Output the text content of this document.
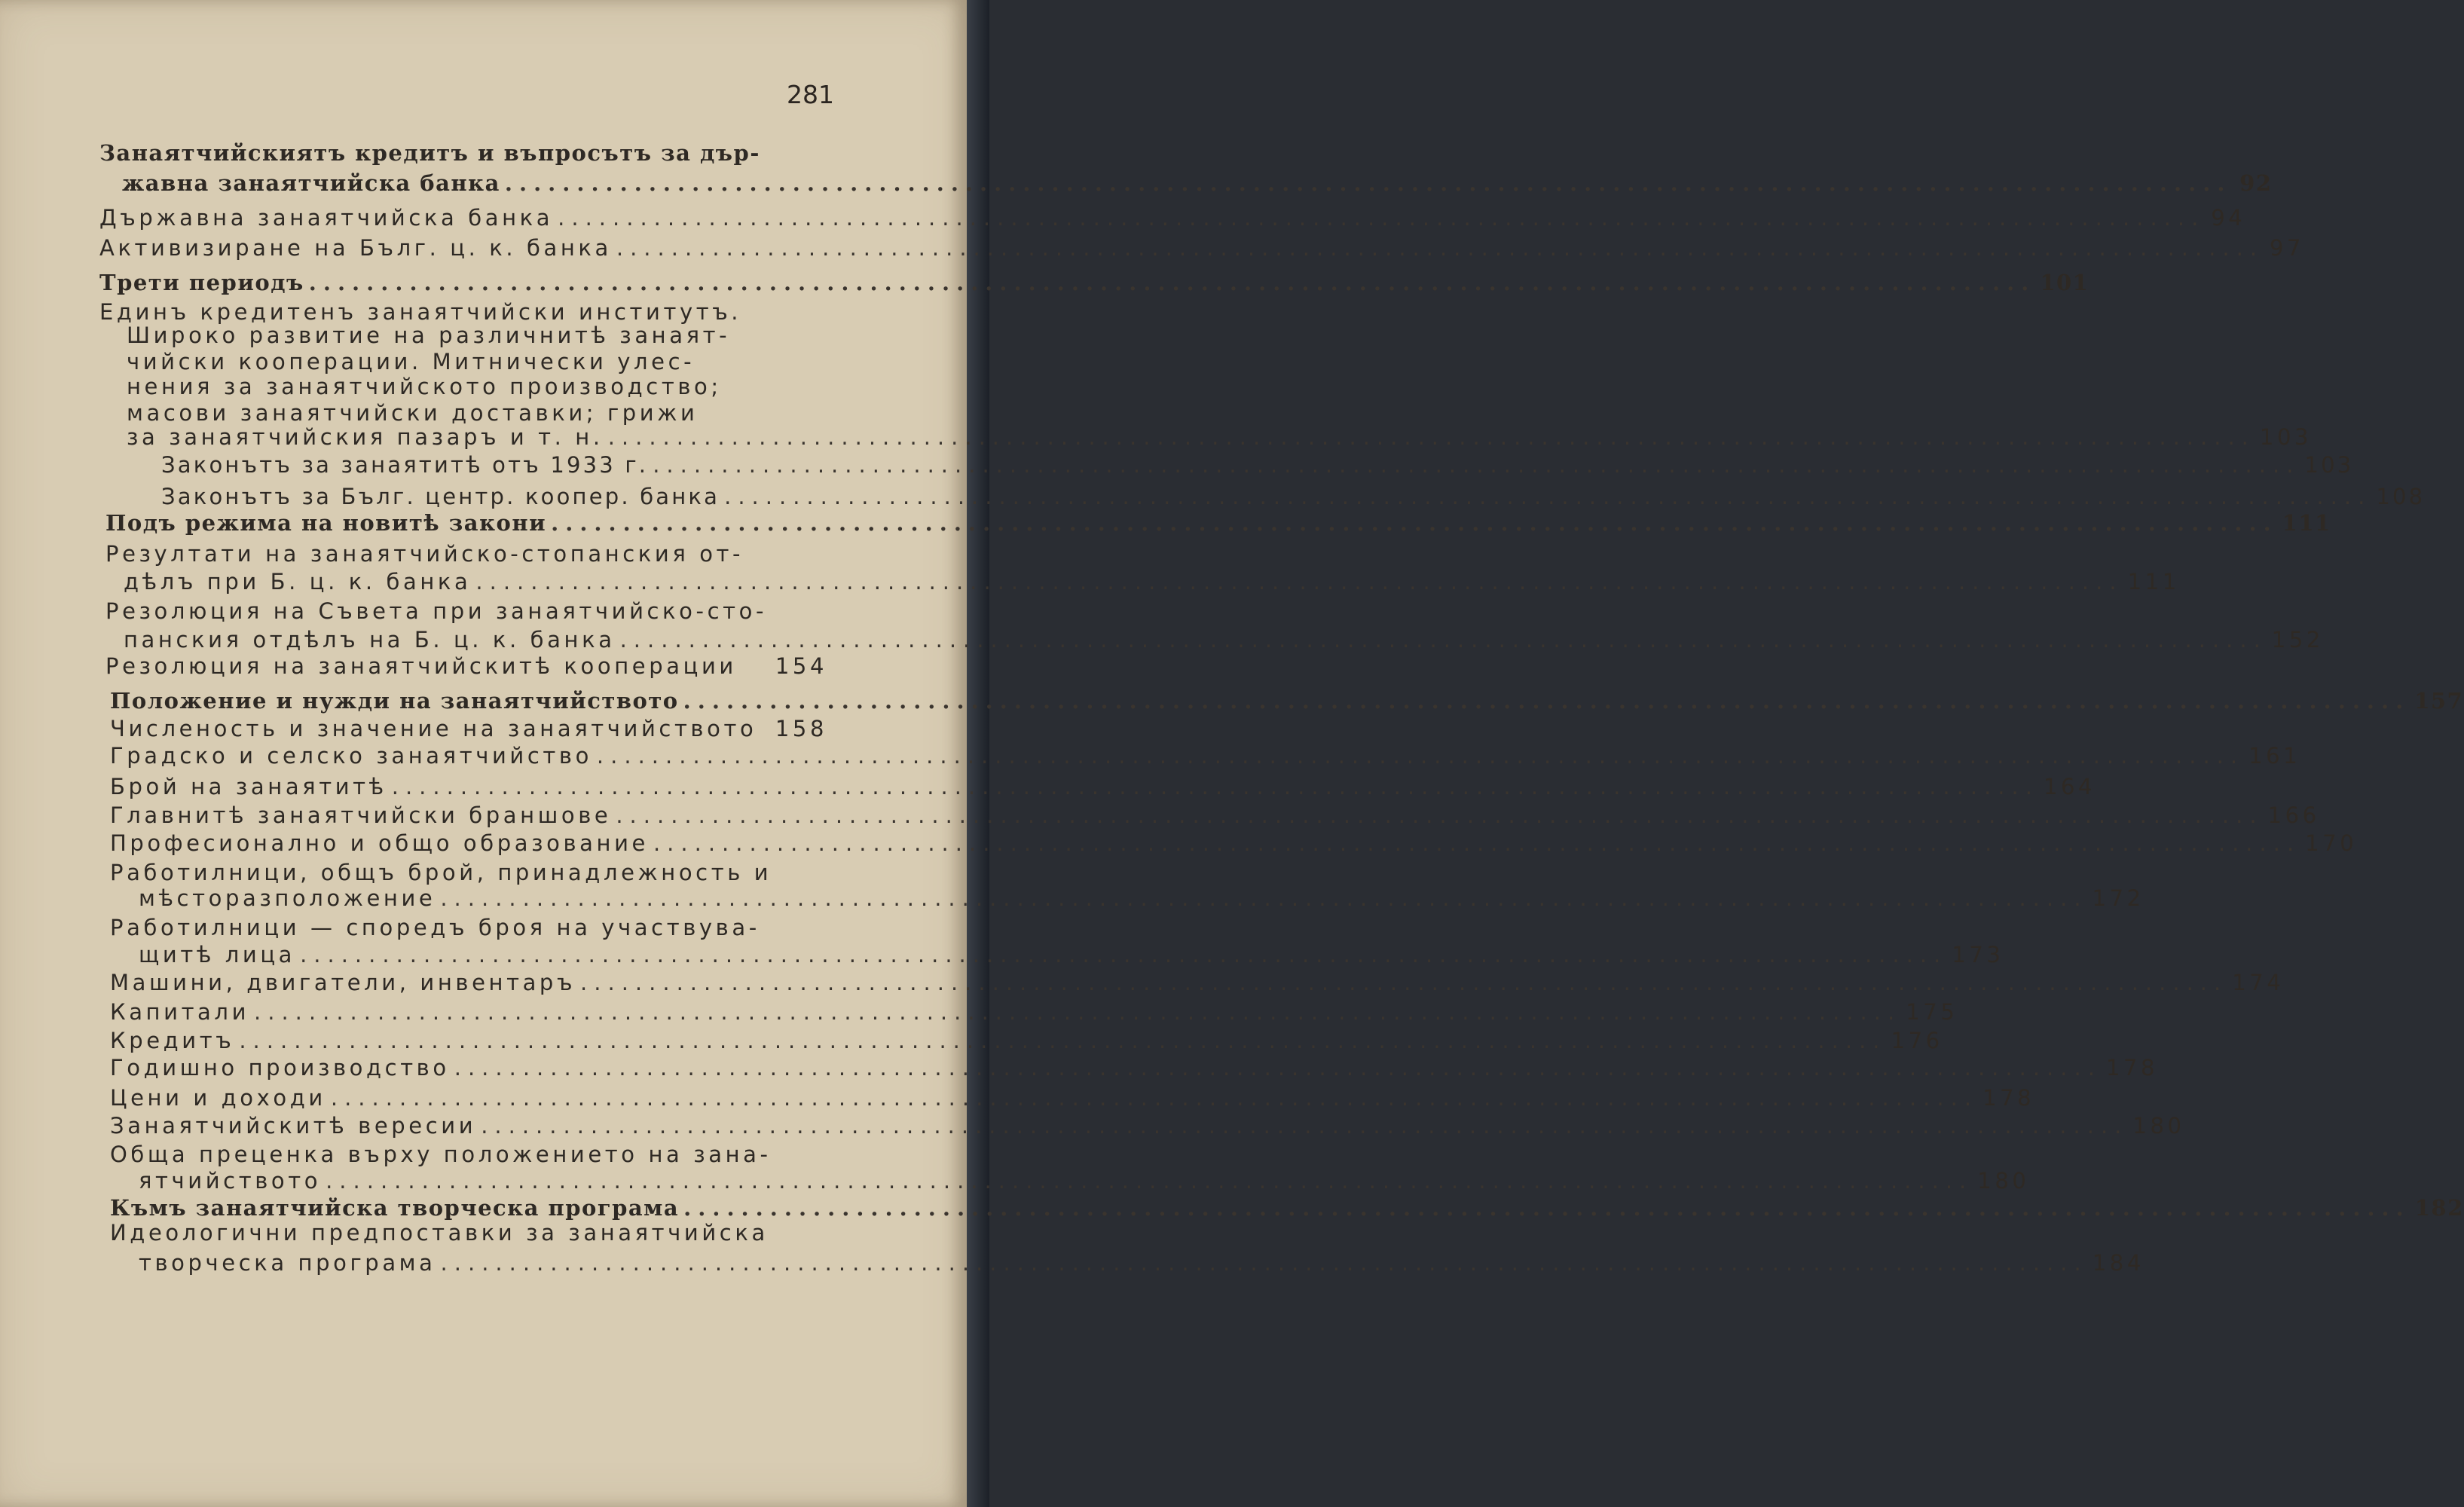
281
Занаятчийскиятъ кредитъ и въпросътъ за дър-
жавна занаятчийска банка ........................................................................................................................ 92
Държавна занаятчийска банка ........................................................................................................................ 94
Активизиране на Бълг. ц. к. банка ........................................................................................................................ 97
Трети периодъ ........................................................................................................................ 101
Единъ кредитенъ занаятчийски институтъ.
Широко развитие на различнитѣ занаят-
чийски кооперации. Митнически улес-
нения за занаятчийското производство;
масови занаятчийски доставки; грижи
за занаятчийския пазаръ и т. н. ........................................................................................................................ 103
Законътъ за занаятитѣ отъ 1933 г. ........................................................................................................................ 103
Законътъ за Бълг. центр. коопер. банка ........................................................................................................................ 108
Подъ режима на новитѣ закони ........................................................................................................................ 111
Резултати на занаятчийско-стопанския от-
дѣлъ при Б. ц. к. банка ........................................................................................................................ 111
Резолюция на Съвета при занаятчийско-сто-
панския отдѣлъ на Б. ц. к. банка ........................................................................................................................ 152
Резолюция на занаятчийскитѣ кооперации 154
Положение и нужди на занаятчийството ........................................................................................................................ 157
Численость и значение на занаятчийството 158
Градско и селско занаятчийство ........................................................................................................................ 161
Брой на занаятитѣ ........................................................................................................................ 164
Главнитѣ занаятчийски браншове ........................................................................................................................ 166
Професионално и общо образование ........................................................................................................................ 170
Работилници, общъ брой, принадлежность и
мѣсторазположение ........................................................................................................................ 172
Работилници — споредъ броя на участвува-
щитѣ лица ........................................................................................................................ 173
Машини, двигатели, инвентаръ ........................................................................................................................ 174
Капитали ........................................................................................................................ 175
Кредитъ ........................................................................................................................ 176
Годишно производство ........................................................................................................................ 178
Цени и доходи ........................................................................................................................ 178
Занаятчийскитѣ вересии ........................................................................................................................ 180
Обща преценка върху положението на зана-
ятчийството ........................................................................................................................ 180
Къмъ занаятчийска творческа програма ........................................................................................................................ 182
Идеологични предпоставки за занаятчийска
творческа програма ........................................................................................................................ 184
